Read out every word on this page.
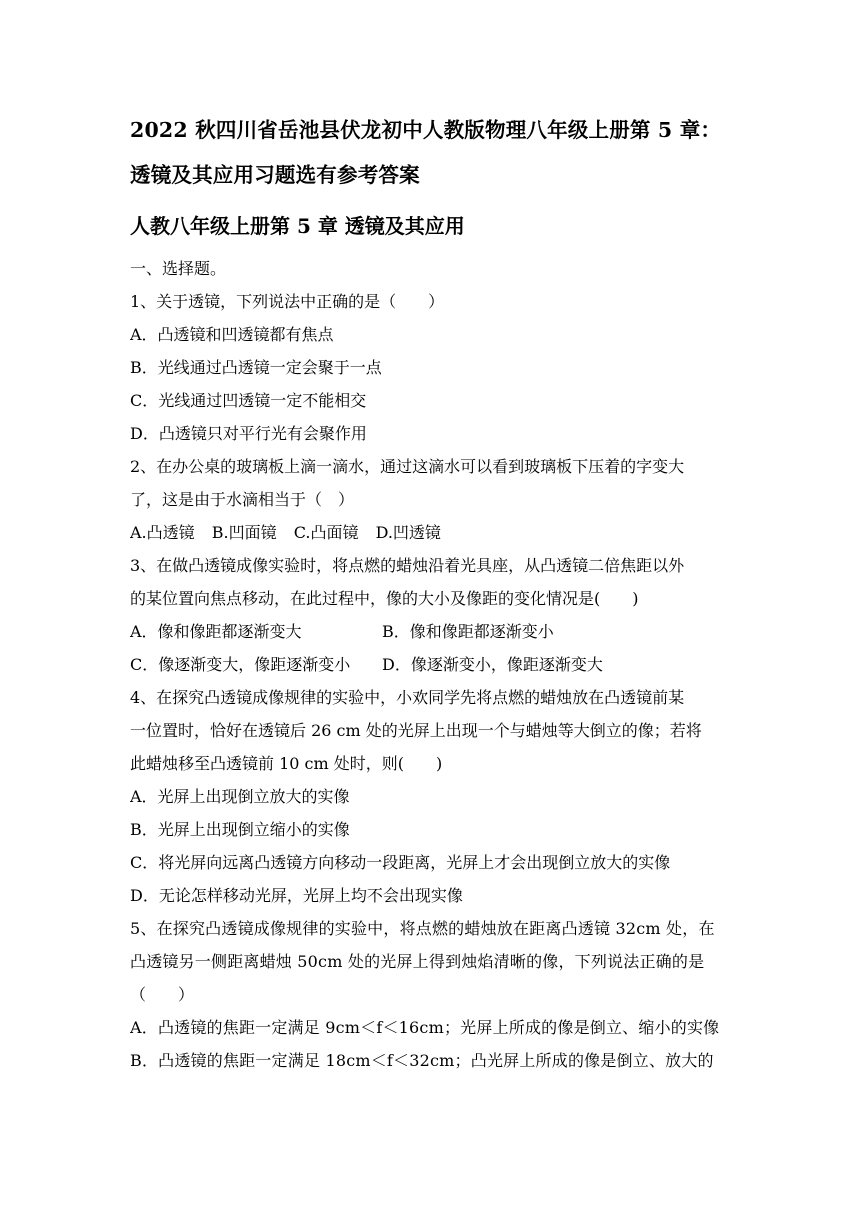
2022 秋四川省岳池县伏龙初中人教版物理八年级上册第 5 章：透镜及其应用习题选有参考答案
人教八年级上册第 5 章 透镜及其应用
一、选择题。
1、关于透镜，下列说法中正确的是（　　）
A．凸透镜和凹透镜都有焦点
B．光线通过凸透镜一定会聚于一点
C．光线通过凹透镜一定不能相交
D．凸透镜只对平行光有会聚作用
2、在办公桌的玻璃板上滴一滴水，通过这滴水可以看到玻璃板下压着的字变大
了，这是由于水滴相当于（　）
A.凸透镜 B.凹面镜 C.凸面镜 D.凹透镜
3、在做凸透镜成像实验时，将点燃的蜡烛沿着光具座，从凸透镜二倍焦距以外
的某位置向焦点移动，在此过程中，像的大小及像距的变化情况是(　　)
A．像和像距都逐渐变大	B．像和像距都逐渐变小
C．像逐渐变大，像距逐渐变小	D．像逐渐变小，像距逐渐变大
4、在探究凸透镜成像规律的实验中，小欢同学先将点燃的蜡烛放在凸透镜前某
一位置时，恰好在透镜后 26 cm 处的光屏上出现一个与蜡烛等大倒立的像；若将
此蜡烛移至凸透镜前 10 cm 处时，则(　　)
A．光屏上出现倒立放大的实像
B．光屏上出现倒立缩小的实像
C．将光屏向远离凸透镜方向移动一段距离，光屏上才会出现倒立放大的实像
D．无论怎样移动光屏，光屏上均不会出现实像
5、在探究凸透镜成像规律的实验中，将点燃的蜡烛放在距离凸透镜 32cm 处，在
凸透镜另一侧距离蜡烛 50cm 处的光屏上得到烛焰清晰的像，下列说法正确的是
（　　）
A．凸透镜的焦距一定满足 9cm＜f＜16cm；光屏上所成的像是倒立、缩小的实像
B．凸透镜的焦距一定满足 18cm＜f＜32cm；凸光屏上所成的像是倒立、放大的
